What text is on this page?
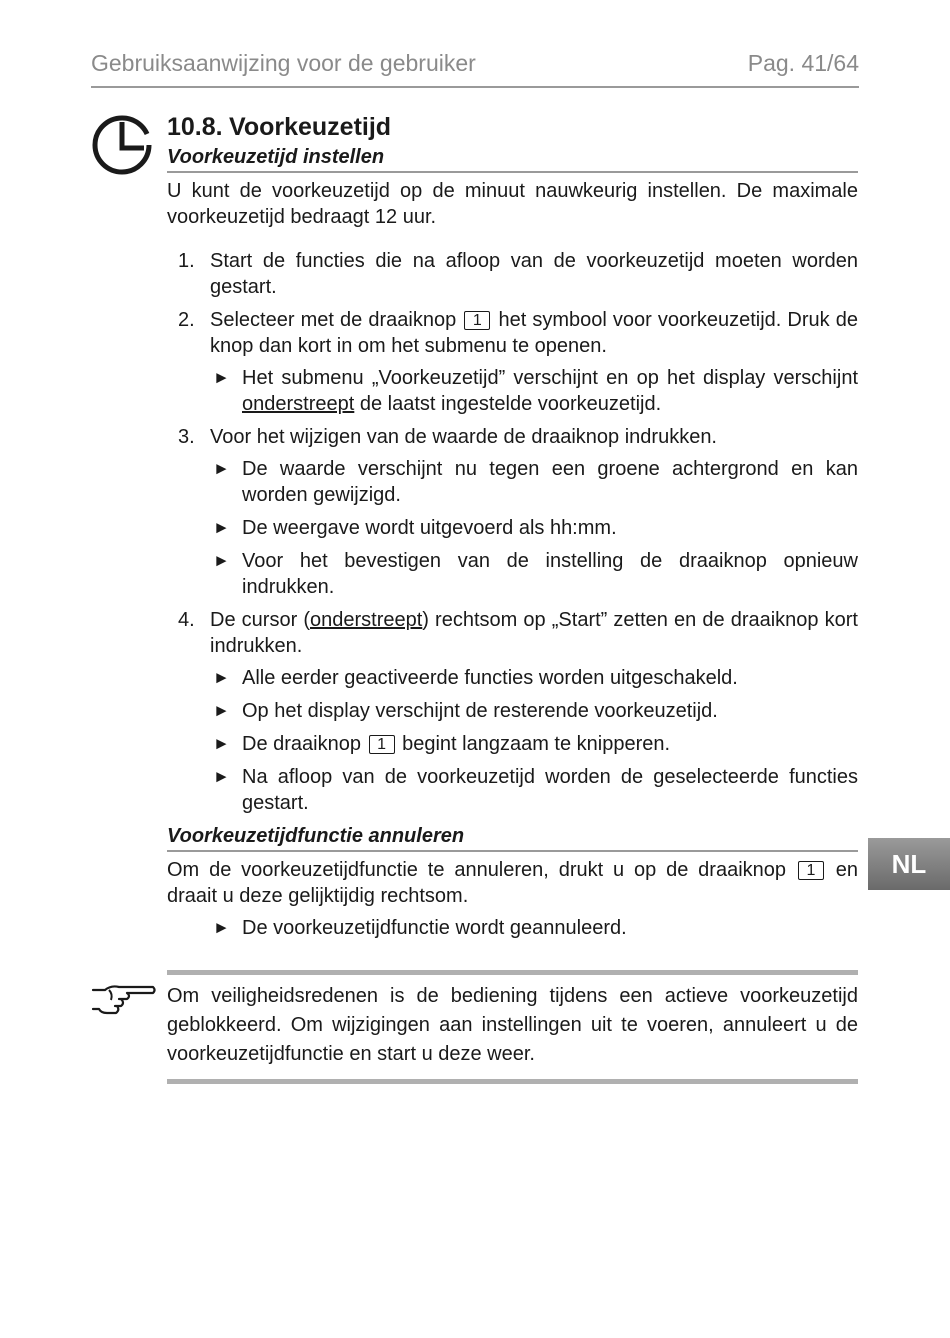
Gebruiksaanwijzing voor de gebruiker	Pag. 41/64
10.8. Voorkeuzetijd
Voorkeuzetijd instellen

U kunt de voorkeuzetijd op de minuut nauwkeurig instellen. De maximale voorkeuzetijd bedraagt 12 uur.

1. Start de functies die na afloop van de voorkeuzetijd moeten worden gestart.
2. Selecteer met de draaiknop 1 het symbool voor voorkeuzetijd. Druk de knop dan kort in om het submenu te openen.
► Het submenu „Voorkeuzetijd” verschijnt en op het display verschijnt onderstreept de laatst ingestelde voorkeuzetijd.
3. Voor het wijzigen van de waarde de draaiknop indrukken.
► De waarde verschijnt nu tegen een groene achtergrond en kan worden gewijzigd.
► De weergave wordt uitgevoerd als hh:mm.
► Voor het bevestigen van de instelling de draaiknop opnieuw indrukken.
4. De cursor (onderstreept) rechtsom op „Start” zetten en de draaiknop kort indrukken.
► Alle eerder geactiveerde functies worden uitgeschakeld.
► Op het display verschijnt de resterende voorkeuzetijd.
► De draaiknop 1 begint langzaam te knipperen.
► Na afloop van de voorkeuzetijd worden de geselecteerde functies gestart.
Voorkeuzetijdfunctie annuleren

Om de voorkeuzetijdfunctie te annuleren, drukt u op de draaiknop 1 en draait u deze gelijktijdig rechtsom.

► De voorkeuzetijdfunctie wordt geannuleerd.

Om veiligheidsredenen is de bediening tijdens een actieve voorkeuzetijd geblokkeerd. Om wijzigingen aan instellingen uit te voeren, annuleert u de voorkeuzetijdfunctie en start u deze weer.

NL
